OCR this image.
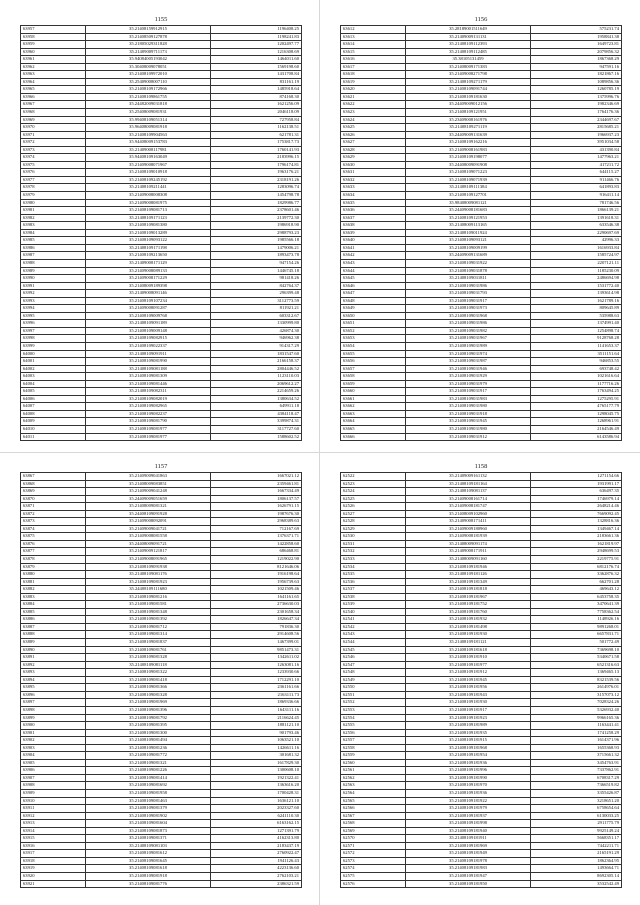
1155
63957	35.21408159912915	1196408.25
63958	35.21408509127878	1198241.83
63959	35.21805029311828	1202497.77
63960	35.21409009711173	1216308.69
63961	35.94084005193042	1464011.60
63962	35.30408009078051	1569198.60
63963	35.21408109972010	1431708.84
63964	35.25409008007110	831161.19
63965	35.21408109172966	1485918.64
63966	35.21408109861755	874168.30
63967	35.24482009031818	1621256.09
63968	35.25408009081931	2046118.09
63969	35.99408109051314	727958.84
63970	35.96408009081918	1162138.51
63971	35.21408109904563	621781.31
63972	35.94408009153783	1753817.73
63973	35.21409008117981	1760141.93
63974	35.94408109163049	2183996.15
63975	35.21409008071967	1796174.81
63976	35.21408109010918	1963176.21
63977	35.21408109245192	2318191.26
63978	35.21408109211441	1283096.74
63979	35.21409008008308	1454798.78
63980	35.21409008081975	1829986.77
63981	35.21408109081713	2378601.46
63982	35.21408109171123	2139772.30
63983	35.21408109081380	1986918.90
63984	35.21408109013289	2988793.23
63985	35.21408109093122	1985566.18
63986	35.21408109171198	1479006.21
63987	35.21408109213650	1893473.78
63988	35.21409008171129	947154.26
63989	35.21409008089133	1446745.18
63990	35.21409008171229	981418.26
63991	35.21408009189398	842764.37
63992	35.21409008091146	296399.48
63993	35.21408109107234	3112773.59
63994	35.21409008091287	811921.21
63995	35.21408109009768	603312.67
63996	35.21408109091189	1330999.80
63997	35.21408109009148	426874.30
63998	35.21408109082915	946962.38
63999	35.21408109022337	914317.29
64000	35.21408109091911	1831547.60
64001	35.21408109081990	2166158.37
64002	35.21408109081188	2804446.52
64003	35.21408109081309	1123110.03
64004	35.21408109081446	2069612.27
64005	35.21408109082311	2214659.26
64006	35.21408109082019	1380634.52
64007	35.21408109082965	649911.18
64008	35.21408109082237	4384118.47
64009	35.21408109081790	3399874.31
64010	35.21408109081977	3117727.60
64011	35.21408109081977	1588602.52
1156
63612	35.28189001511649	575231.74
63613	35.21409009131131	1958841.38
63614	35.21408109112393	1649723.81
63615	35.21408109112485	2079856.32
63616	35.38105131459	1867368.29
63617	35.21408009171383	947591.16
63618	35.21409008271798	1821867.16
63619	35.21408109271179	1089856.36
63620	35.21408109091744	1260785.19
63621	35.21408109181630	1375996.76
63622	35.24409009012156	1982346.69
63623	35.21408109121951	1764176.36
63624	35.23409008161976	2344697.67
63625	35.21408109271119	2815685.21
63626	35.24409009131639	1966937.23
63627	35.21408109162216	3951034.58
63628	35.21409008161983	431390.84
63629	35.21408109198077	1477963.21
63630	35.24408009091908	417211.72
63631	35.21408109071223	644115.27
63632	35.21408109071939	911466.76
63633	35.21408109111384	641893.83
63634	35.21408109127701	916411.14
63635	35.98408009081121	781746.56
63636	35.24409008181683	1866139.21
63637	35.21408109121953	1391618.31
63638	35.21408009113165	633546.38
63639	35.21408109011924	2290697.69
63640	35.21408109093121	42996.33
63641	35.21408109009199	1616933.84
63642	35.24409009131689	1585724.97
63643	35.21408109031922	2207121.11
63644	35.21408109031878	1185230.09
63645	35.21408109031811	2486694.98
63646	35.21408109031986	1531772.40
63647	35.21408109031793	1393614.98
63648	35.21408109031917	1621789.16
63649	35.21408109031973	809645.89
63650	35.21408109031968	535988.63
63651	35.21408109031986	1374991.40
63652	35.21408109031982	1254898.74
63653	35.21408109031967	9128768.28
63654	35.21408109031989	1141653.37
63655	35.21408109031974	3511151.64
63656	35.21408109031987	946853.55
63657	35.21408109031946	693748.42
63658	35.21408109031929	1021616.64
63659	35.21408109031979	1177716.26
63660	35.21408109031917	1763494.25
63661	35.21408109031983	1275295.91
63662	35.21408109031980	4765177.79
63663	35.21408109031918	1298045.75
63664	35.21408109031945	1268961.91
63665	35.21408109031980	2164546.49
63666	35.21408109031912	6143586.94
1157
63867	35.21409009041863	1667021.12
63868	35.21408009083851	2359461.81
63869	35.21409009041248	1667334.49
63870	35.24409009051659	1806137.57
63871	35.21408009081321	1626791.15
63872	35.24408109091928	1987676.30
63873	35.21409008092091	2968389.63
63874	35.21409009041721	712167.69
63875	35.21409008081558	1376371.71
63876	35.24408009091721	1422858.60
63877	35.21409009121817	686468.81
63878	35.21409008091965	1219022.90
63879	35.21408109091938	8121646.06
63880	35.21408109081176	1916198.64
63881	35.21408109081923	1956739.63
63882	35.24408109111680	1021509.46
63883	35.21408109081216	1641161.65
63884	35.21408109081581	2736630.03
63885	35.21408109081348	2301658.34
63886	35.21408109081392	1826647.34
63887	35.21408109081712	791836.30
63888	35.21408109081314	2914608.56
63889	35.21408109081837	1467399.01
63890	35.21408109081761	9851473.31
63891	35.21408109081328	1342611.02
63892	35.21408109081118	1263081.16
63893	35.21408109081322	1233930.66
63894	35.21408109081418	1712291.10
63895	35.21408109081366	2361161.66
63896	35.21408109081328	2163111.73
63897	35.21408109081969	1869336.66
63898	35.21408109081396	1643111.16
63899	35.21408109081792	2116624.45
63900	35.21408109081395	1881121.10
63901	35.21408109081300	901793.46
63902	35.21408109081494	1063521.10
63903	35.21408109081236	1426611.16
63904	35.21408109081772	301681.32
63905	35.21408109081321	1617829.30
63906	35.21408109081226	1300608.10
63907	35.21408109081414	1921322.41
63908	35.21408109081692	1363616.20
63909	35.21408109081958	1700428.31
63910	35.21408109081463	1636121.10
63911	35.21408109081379	2023327.60
63912	35.21408109081902	6241110.30
63913	35.21408109081604	6163162.15
63914	35.21408109081873	1271391.79
63915	35.21408109081371	4162313.80
63916	35.21408109081103	2183437.19
63917	35.21408109081612	2760922.47
63918	35.21408109081645	1941126.43
63919	35.21408109081618	4223136.60
63920	35.21408109081918	2762103.21
63921	35.21408109081776	2386321.59
1158
62522	35.21409009161132	1271154.66
62523	35.21408109181164	1931991.17
62524	35.21408109081137	636497.35
62525	35.21409008161714	1746979.14
62526	35.21409008181747	2648214.46
62527	35.21408009102960	7669092.45
62528	35.21409008171411	1328816.36
62529	35.21409009180960	1349467.14
62530	35.21409008181939	2183661.36
62531	35.21408009091174	1621819.97
62532	35.21409008171911	2948699.53
62533	35.21408009091160	2219775.91
62534	35.21408109181946	6812176.74
62535	35.21408109181126	3362876.32
62536	35.21408109181349	662701.28
62537	35.21408109181818	469643.12
62538	35.21408109181967	6453758.35
62539	35.21408109181752	3470641.39
62540	35.21408109181760	7758362.54
62541	35.21408109181932	1148926.16
62542	35.21408109181498	9891268.01
62543	35.21408109181930	6657831.71
62544	35.21408109181121	501772.49
62545	35.21408109181618	7369698.10
62546	35.21408109181910	5340671.58
62547	35.21408109181977	6521316.63
62548	35.21408109181912	1369465.13
62549	35.21408109181945	8321539.56
62550	35.21408109181956	2614976.01
62551	35.21408109181943	3157073.12
62552	35.21408109181930	7028324.26
62553	35.21408109181917	5326932.40
62554	35.21408109181923	9966165.36
62555	35.21408109181989	1163441.41
62556	35.21408109181935	1741258.29
62557	35.21408109181915	1614371.96
62558	35.21408109181968	1655368.93
62559	35.21408109181954	3715661.32
62560	35.21408109181936	3454763.91
62561	35.21408109181996	7337862.91
62562	35.21408109181990	6708317.29
62563	35.21408109181970	7366519.82
62564	35.21408109181936	3355426.87
62565	35.21408109181922	3218651.20
62566	35.21408109181979	6758654.64
62567	35.21408109181937	6130033.25
62568	35.21408109181998	2911775.79
62569	35.21408109181940	9925149.24
62570	35.21408109181911	5668351.17
62571	35.21408109181969	7442211.71
62572	35.21408109181949	2165191.29
62573	35.21408109181978	1862364.95
62574	35.21408109181983	1493664.71
62575	35.21408109181947	8692305.14
62576	35.21408109181950	3532542.49
